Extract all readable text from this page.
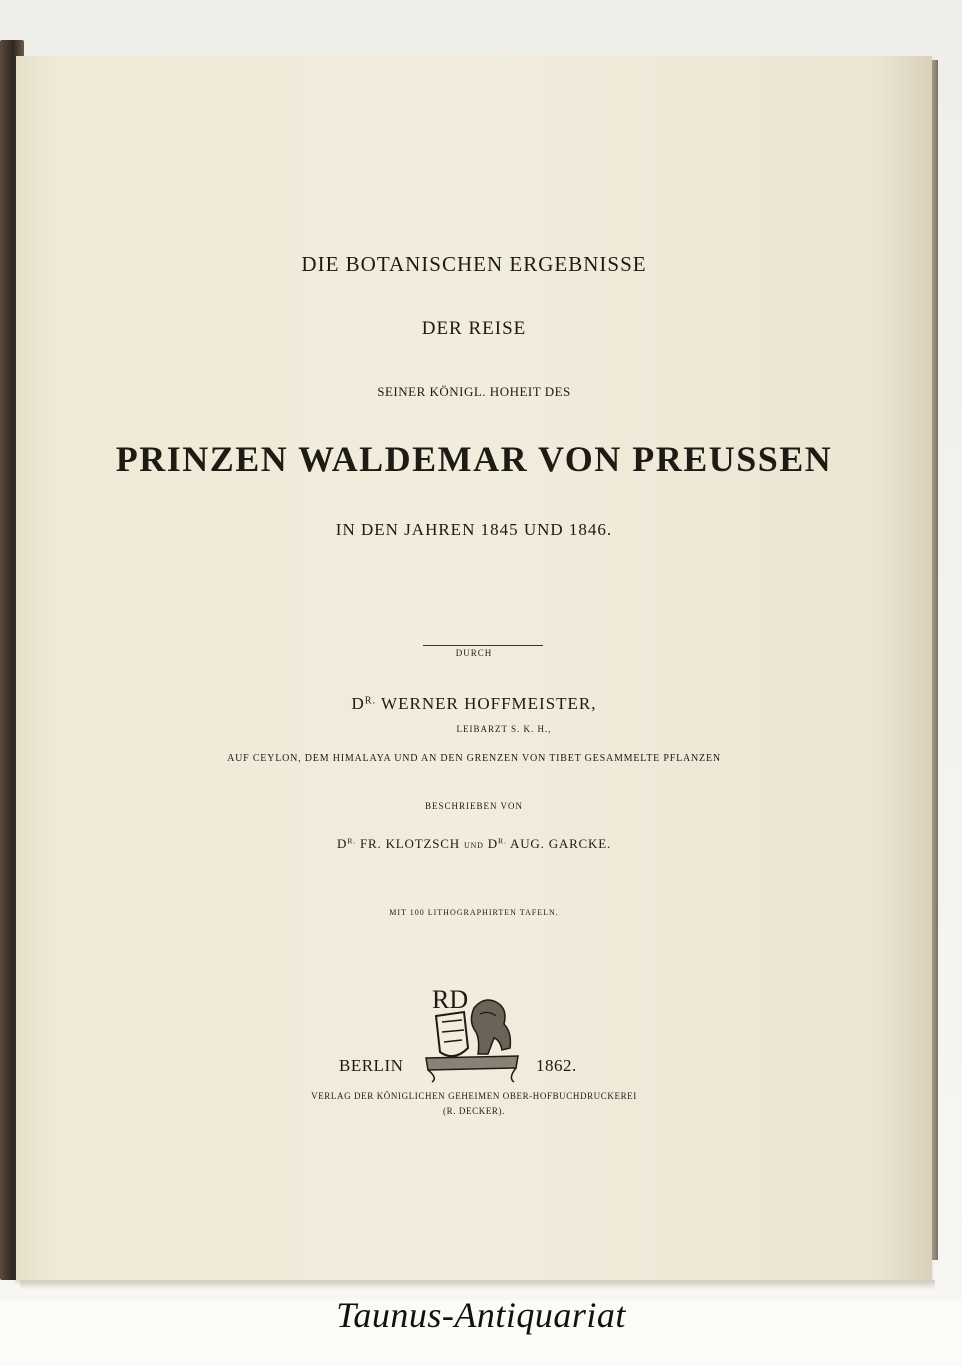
DIE BOTANISCHEN ERGEBNISSE
DER REISE
SEINER KÖNIGL. HOHEIT DES
PRINZEN WALDEMAR VON PREUSSEN
IN DEN JAHREN 1845 UND 1846.
DURCH
$D^{R.}$ WERNER HOFFMEISTER,
LEIBARZT S. K. H.,
AUF CEYLON, DEM HIMALAYA UND AN DEN GRENZEN VON TIBET GESAMMELTE PFLANZEN
BESCHRIEBEN VON
$D^{R.}$ FR. KLOTZSCH UND $D^{R.}$ AUG. GARCKE.
MIT 100 LITHOGRAPHIRTEN TAFELN.
VERLAG DER KÖNIGLICHEN GEHEIMEN OBER-HOFBUCHDRUCKEREI
(R. DECKER).
BERLIN	1862.
RD
Taunus-Antiquariat
